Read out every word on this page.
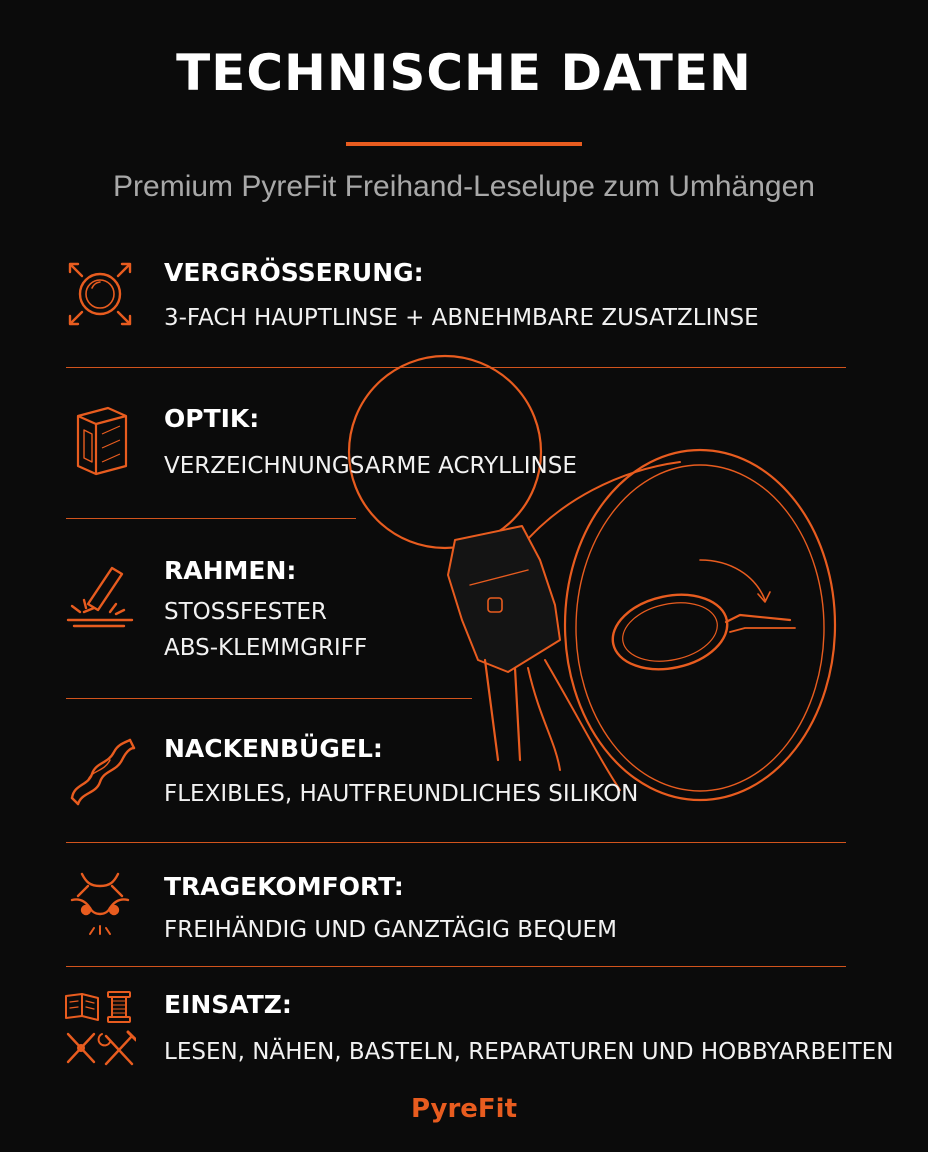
TECHNISCHE DATEN
Premium PyreFit Freihand-Leselupe zum Umhängen
VERGRÖSSERUNG:
3-FACH HAUPTLINSE + ABNEHMBARE ZUSATZLINSE
OPTIK:
VERZEICHNUNGSARME ACRYLLINSE
RAHMEN:
STOSSFESTER
ABS-KLEMMGRIFF
NACKENBÜGEL:
FLEXIBLES, HAUTFREUNDLICHES SILIKON
TRAGEKOMFORT:
FREIHÄNDIG UND GANZTÄGIG BEQUEM
EINSATZ:
LESEN, NÄHEN, BASTELN, REPARATUREN UND HOBBYARBEITEN
PyreFit
